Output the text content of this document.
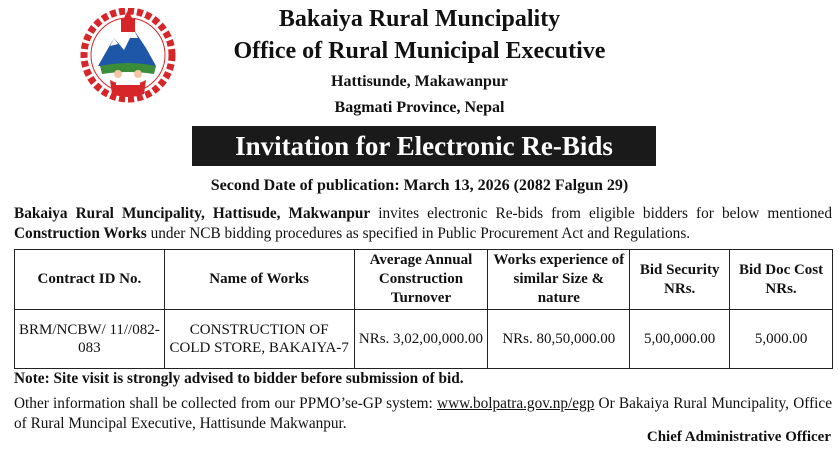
Bakaiya Rural Muncipality
Office of Rural Municipal Executive
Hattisunde, Makawanpur
Bagmati Province, Nepal
Invitation for Electronic Re-Bids
Second Date of publication: March 13, 2026 (2082 Falgun 29)
Bakaiya Rural Muncipality, Hattisude, Makwanpur invites electronic Re-bids from eligible bidders for below mentioned Construction Works under NCB bidding procedures as specified in Public Procurement Act and Regulations.
Contract ID No.	Name of Works	Average Annual Construction Turnover	Works experience of similar Size & nature	Bid Security NRs.	Bid Doc Cost NRs.
BRM/NCBW/ 11//082-083	CONSTRUCTION OF COLD STORE, BAKAIYA-7	NRs. 3,02,00,000.00	NRs. 80,50,000.00	5,00,000.00	5,000.00
Note: Site visit is strongly advised to bidder before submission of bid.
Other information shall be collected from our PPMO’se-GP system: www.bolpatra.gov.np/egp Or Bakaiya Rural Muncipality, Office of Rural Muncipal Executive, Hattisunde Makwanpur.
Chief Administrative Officer
